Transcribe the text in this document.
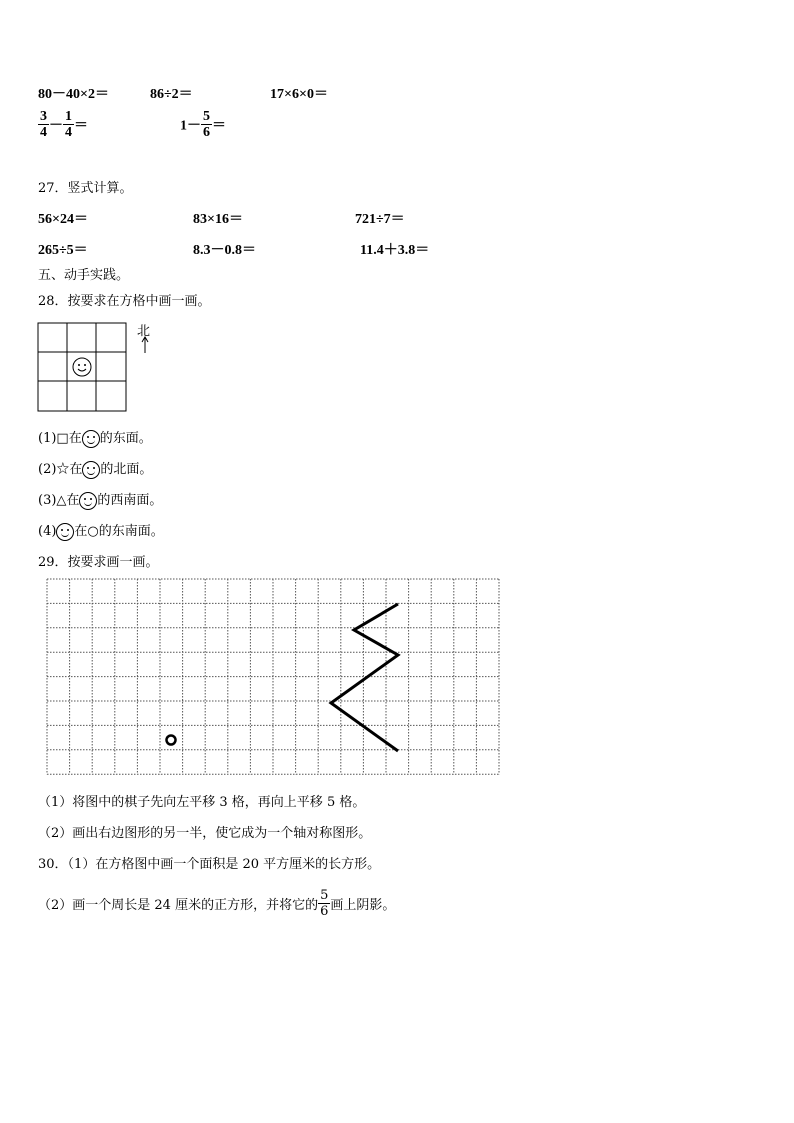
80－40×2＝	86÷2＝	17×6×0＝
$\frac{3}{4} - \frac{1}{4}$ ＝	$1- \frac{5}{6}$ ＝
27．竖式计算。
56×24＝	83×16＝	721÷7＝
265÷5＝	8.3－0.8＝	11.4＋3.8＝
五、动手实践。
28．按要求在方格中画一画。
北
(1)□在 的东面。
(2)☆在 的北面。
(3)△在 的西南面。
(4) 在○的东南面。
29．按要求画一画。
（1）将图中的棋子先向左平移 3 格，再向上平移 5 格。
（2）画出右边图形的另一半，使它成为一个轴对称图形。
30．（1）在方格图中画一个面积是 20 平方厘米的长方形。
（2）画一个周长是 24 厘米的正方形，并将它的 $\frac{5}{6}$ 画上阴影。
